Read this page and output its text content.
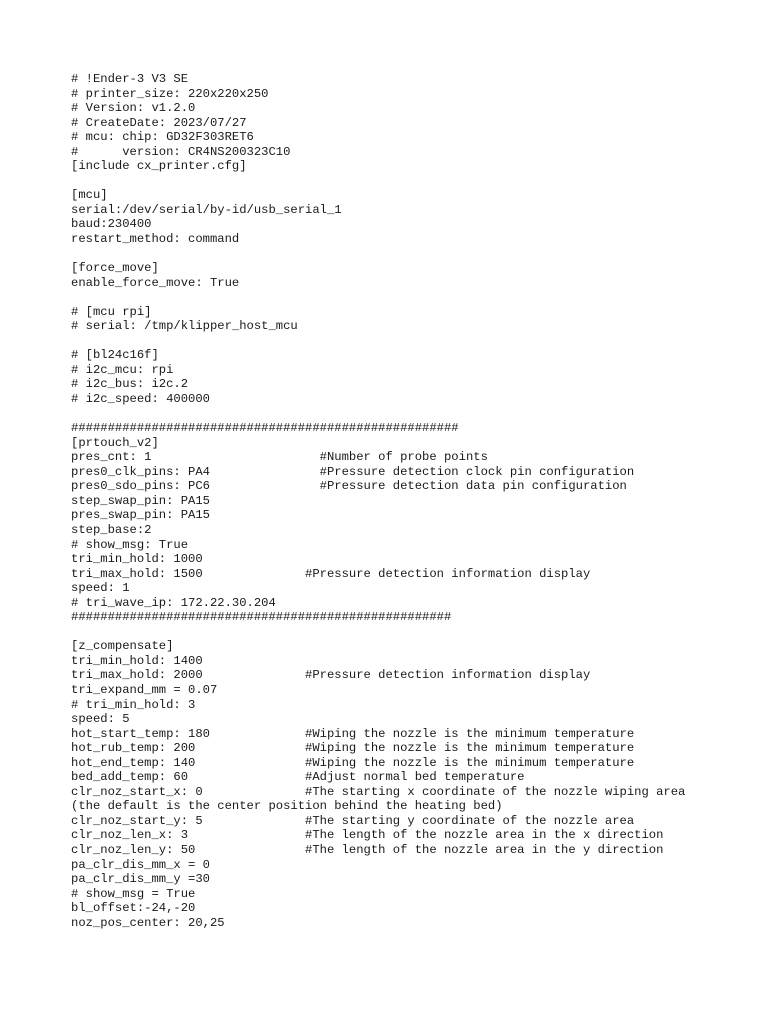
# !Ender-3 V3 SE
# printer_size: 220x220x250
# Version: v1.2.0
# CreateDate: 2023/07/27
# mcu: chip: GD32F303RET6
#      version: CR4NS200323C10
[include cx_printer.cfg]
[mcu]
serial:/dev/serial/by-id/usb_serial_1
baud:230400
restart_method: command
[force_move]
enable_force_move: True
# [mcu rpi]
# serial: /tmp/klipper_host_mcu
# [bl24c16f]
# i2c_mcu: rpi
# i2c_bus: i2c.2
# i2c_speed: 400000
#####################################################
[prtouch_v2]
pres_cnt: 1                       #Number of probe points
pres0_clk_pins: PA4               #Pressure detection clock pin configuration
pres0_sdo_pins: PC6               #Pressure detection data pin configuration
step_swap_pin: PA15
pres_swap_pin: PA15
step_base:2
# show_msg: True
tri_min_hold: 1000
tri_max_hold: 1500              #Pressure detection information display
speed: 1
# tri_wave_ip: 172.22.30.204
####################################################
[z_compensate]
tri_min_hold: 1400
tri_max_hold: 2000              #Pressure detection information display
tri_expand_mm = 0.07
# tri_min_hold: 3
speed: 5
hot_start_temp: 180             #Wiping the nozzle is the minimum temperature
hot_rub_temp: 200               #Wiping the nozzle is the minimum temperature
hot_end_temp: 140               #Wiping the nozzle is the minimum temperature
bed_add_temp: 60                #Adjust normal bed temperature
clr_noz_start_x: 0              #The starting x coordinate of the nozzle wiping area
(the default is the center position behind the heating bed)
clr_noz_start_y: 5              #The starting y coordinate of the nozzle area
clr_noz_len_x: 3                #The length of the nozzle area in the x direction
clr_noz_len_y: 50               #The length of the nozzle area in the y direction
pa_clr_dis_mm_x = 0
pa_clr_dis_mm_y =30
# show_msg = True
bl_offset:-24,-20
noz_pos_center: 20,25
